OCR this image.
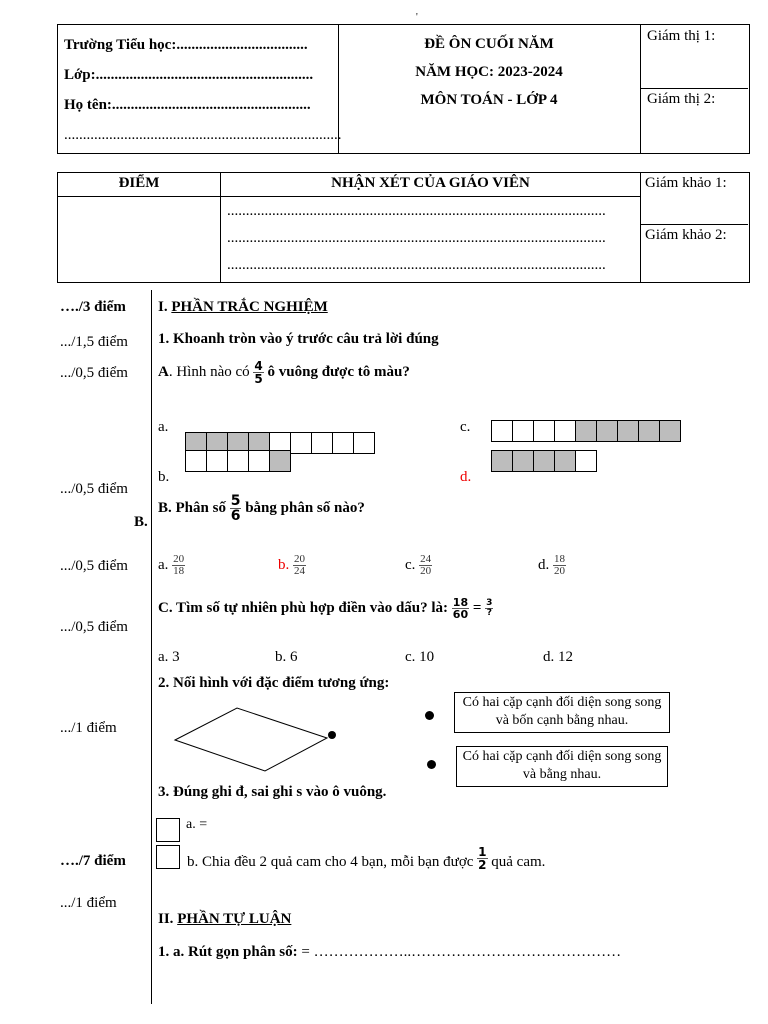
'
Trường Tiểu học:...................................
Lớp:..........................................................
Họ tên:.....................................................
..........................................................................
ĐỀ ÔN CUỐI NĂM
NĂM HỌC: 2023-2024
MÔN TOÁN - LỚP 4
Giám thị 1:
Giám thị 2:
ĐIỂM	NHẬN XÉT CỦA GIÁO VIÊN
.....................................................................................................
.....................................................................................................
.....................................................................................................
Giám khảo 1:
Giám khảo 2:
…./3 điểm
.../1,5 điểm
.../0,5 điểm
.../0,5 điểm
.../0,5 điểm
.../0,5 điểm
.../1 điểm
…./7 điểm
.../1 điểm
I. PHẦN TRẮC NGHIỆM
1. Khoanh tròn vào ý trước câu trả lời đúng
A. Hình nào có $\frac{4}{5}$ ô vuông được tô màu?
a.
b.
c.
d.
B.
B. Phân số $\frac{5}{6}$ bằng phân số nào?
a. $\frac{20}{18}$	b. $\frac{20}{24}$	c. $\frac{24}{20}$	d. $\frac{18}{20}$
C. Tìm số tự nhiên phù hợp điền vào dấu? là: $\frac{18}{60} = \frac{3}{?}$
a. 3	b. 6	c. 10	d. 12
2. Nối hình với đặc điểm tương ứng:
Có hai cặp cạnh đối diện song song và bốn cạnh bằng nhau.
Có hai cặp cạnh đối diện song song và bằng nhau.
3. Đúng ghi đ, sai ghi s vào ô vuông.
a. =
b. Chia đều 2 quả cam cho 4 bạn, mỗi bạn được $\frac{1}{2}$ quả cam.
II. PHẦN TỰ LUẬN
1. a. Rút gọn phân số: = ………………..……………………………………
